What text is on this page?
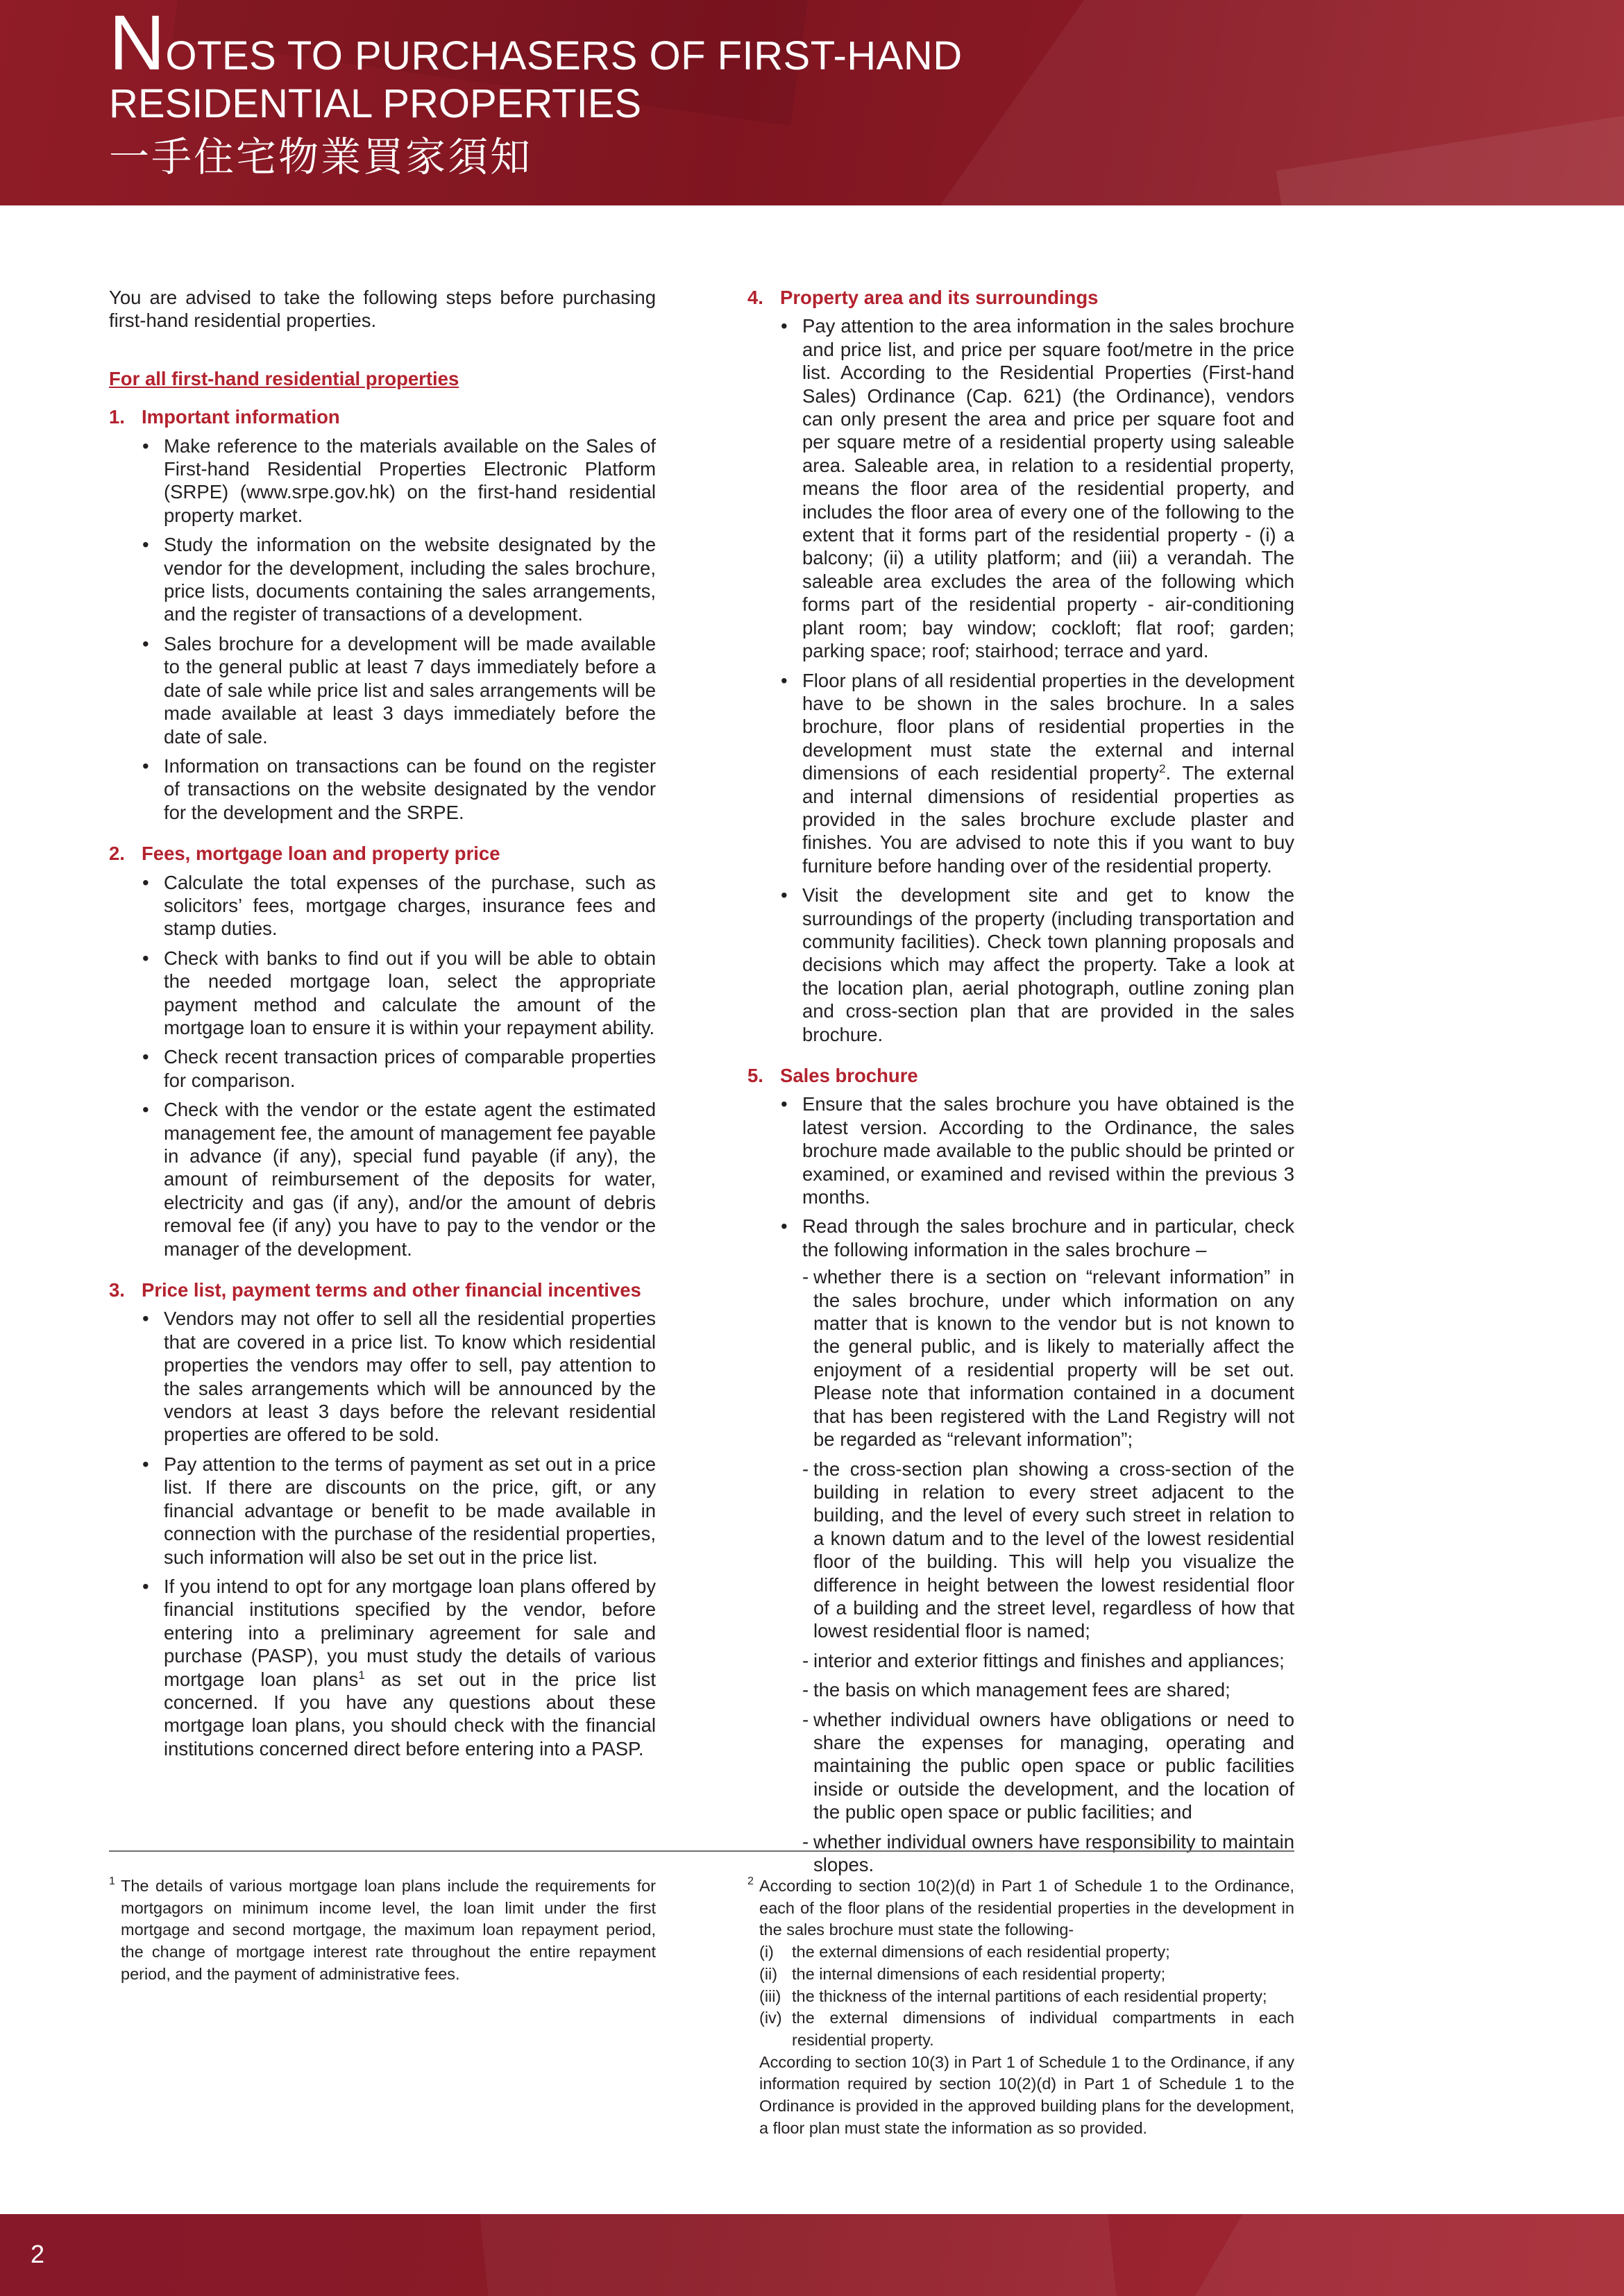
NOTES TO PURCHASERS OF FIRST-HAND
RESIDENTIAL PROPERTIES
一手住宅物業買家須知

You are advised to take the following steps before purchasing first-hand residential properties.

For all first-hand residential properties

1. Important information
• Make reference to the materials available on the Sales of First-hand Residential Properties Electronic Platform (SRPE) (www.srpe.gov.hk) on the first-hand residential property market.
• Study the information on the website designated by the vendor for the development, including the sales brochure, price lists, documents containing the sales arrangements, and the register of transactions of a development.
• Sales brochure for a development will be made available to the general public at least 7 days immediately before a date of sale while price list and sales arrangements will be made available at least 3 days immediately before the date of sale.
• Information on transactions can be found on the register of transactions on the website designated by the vendor for the development and the SRPE.
2. Fees, mortgage loan and property price
• Calculate the total expenses of the purchase, such as solicitors’ fees, mortgage charges, insurance fees and stamp duties.
• Check with banks to find out if you will be able to obtain the needed mortgage loan, select the appropriate payment method and calculate the amount of the mortgage loan to ensure it is within your repayment ability.
• Check recent transaction prices of comparable properties for comparison.
• Check with the vendor or the estate agent the estimated management fee, the amount of management fee payable in advance (if any), special fund payable (if any), the amount of reimbursement of the deposits for water, electricity and gas (if any), and/or the amount of debris removal fee (if any) you have to pay to the vendor or the manager of the development.
3. Price list, payment terms and other financial incentives
• Vendors may not offer to sell all the residential properties that are covered in a price list. To know which residential properties the vendors may offer to sell, pay attention to the sales arrangements which will be announced by the vendors at least 3 days before the relevant residential properties are offered to be sold.
• Pay attention to the terms of payment as set out in a price list. If there are discounts on the price, gift, or any financial advantage or benefit to be made available in connection with the purchase of the residential properties, such information will also be set out in the price list.
• If you intend to opt for any mortgage loan plans offered by financial institutions specified by the vendor, before entering into a preliminary agreement for sale and purchase (PASP), you must study the details of various mortgage loan plans$^1$ as set out in the price list concerned. If you have any questions about these mortgage loan plans, you should check with the financial institutions concerned direct before entering into a PASP.
4. Property area and its surroundings
• Pay attention to the area information in the sales brochure and price list, and price per square foot/metre in the price list. According to the Residential Properties (First-hand Sales) Ordinance (Cap. 621) (the Ordinance), vendors can only present the area and price per square foot and per square metre of a residential property using saleable area. Saleable area, in relation to a residential property, means the floor area of the residential property, and includes the floor area of every one of the following to the extent that it forms part of the residential property - (i) a balcony; (ii) a utility platform; and (iii) a verandah. The saleable area excludes the area of the following which forms part of the residential property - air-conditioning plant room; bay window; cockloft; flat roof; garden; parking space; roof; stairhood; terrace and yard.
• Floor plans of all residential properties in the development have to be shown in the sales brochure. In a sales brochure, floor plans of residential properties in the development must state the external and internal dimensions of each residential property$^2$. The external and internal dimensions of residential properties as provided in the sales brochure exclude plaster and finishes. You are advised to note this if you want to buy furniture before handing over of the residential property.
• Visit the development site and get to know the surroundings of the property (including transportation and community facilities). Check town planning proposals and decisions which may affect the property. Take a look at the location plan, aerial photograph, outline zoning plan and cross-section plan that are provided in the sales brochure.
5. Sales brochure
• Ensure that the sales brochure you have obtained is the latest version. According to the Ordinance, the sales brochure made available to the public should be printed or examined, or examined and revised within the previous 3 months.
• Read through the sales brochure and in particular, check the following information in the sales brochure –
- whether there is a section on “relevant information” in the sales brochure, under which information on any matter that is known to the vendor but is not known to the general public, and is likely to materially affect the enjoyment of a residential property will be set out. Please note that information contained in a document that has been registered with the Land Registry will not be regarded as “relevant information”;
- the cross-section plan showing a cross-section of the building in relation to every street adjacent to the building, and the level of every such street in relation to a known datum and to the level of the lowest residential floor of the building. This will help you visualize the difference in height between the lowest residential floor of a building and the street level, regardless of how that lowest residential floor is named;
- interior and exterior fittings and finishes and appliances;
- the basis on which management fees are shared;
- whether individual owners have obligations or need to share the expenses for managing, operating and maintaining the public open space or public facilities inside or outside the development, and the location of the public open space or public facilities; and
- whether individual owners have responsibility to maintain slopes.
1 The details of various mortgage loan plans include the requirements for mortgagors on minimum income level, the loan limit under the first mortgage and second mortgage, the maximum loan repayment period, the change of mortgage interest rate throughout the entire repayment period, and the payment of administrative fees.
2 According to section 10(2)(d) in Part 1 of Schedule 1 to the Ordinance, each of the floor plans of the residential properties in the development in the sales brochure must state the following-
(i)	the external dimensions of each residential property;
(ii) the internal dimensions of each residential property;
(iii) the thickness of the internal partitions of each residential property;
(iv) the external dimensions of individual compartments in each residential property.

According to section 10(3) in Part 1 of Schedule 1 to the Ordinance, if any information required by section 10(2)(d) in Part 1 of Schedule 1 to the Ordinance is provided in the approved building plans for the development, a floor plan must state the information as so provided.

2
